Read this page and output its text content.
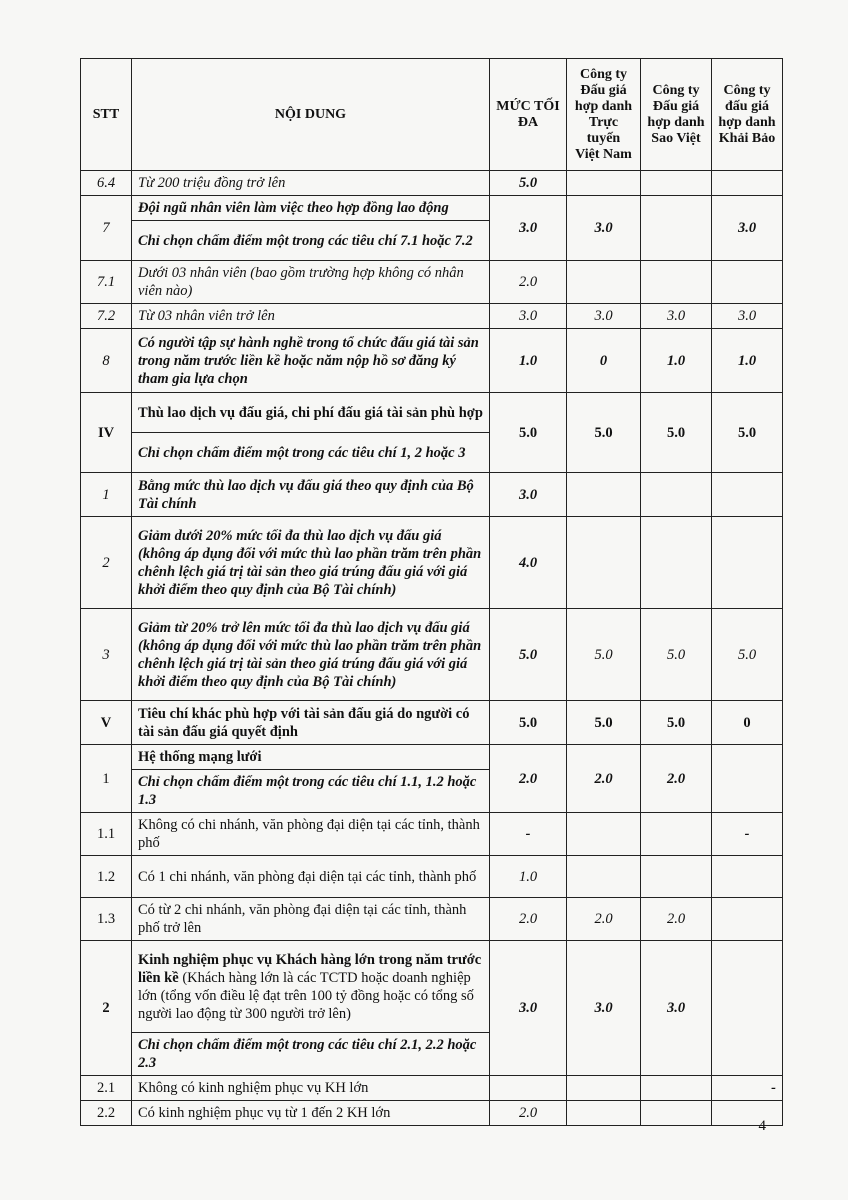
STT	NỘI DUNG	MỨC TỐI ĐA	Công ty Đấu giá hợp danh Trực tuyến Việt Nam	Công ty Đấu giá hợp danh Sao Việt	Công ty đấu giá hợp danh Khải Bảo
6.4	Từ 200 triệu đồng trở lên	5.0			
7	Đội ngũ nhân viên làm việc theo hợp đồng lao động	3.0	3.0		3.0
	Chỉ chọn chấm điểm một trong các tiêu chí 7.1 hoặc 7.2				
7.1	Dưới 03 nhân viên (bao gồm trường hợp không có nhân viên nào)	2.0			
7.2	Từ 03 nhân viên trở lên	3.0	3.0	3.0	3.0
8	Có người tập sự hành nghề trong tổ chức đấu giá tài sản trong năm trước liền kề hoặc năm nộp hồ sơ đăng ký tham gia lựa chọn	1.0	0	1.0	1.0
IV	Thù lao dịch vụ đấu giá, chi phí đấu giá tài sản phù hợp	5.0	5.0	5.0	5.0
	Chỉ chọn chấm điểm một trong các tiêu chí 1, 2 hoặc 3				
1	Bằng mức thù lao dịch vụ đấu giá theo quy định của Bộ Tài chính	3.0			
2	Giảm dưới 20% mức tối đa thù lao dịch vụ đấu giá (không áp dụng đối với mức thù lao phần trăm trên phần chênh lệch giá trị tài sản theo giá trúng đấu giá với giá khởi điểm theo quy định của Bộ Tài chính)	4.0			
3	Giảm từ 20% trở lên mức tối đa thù lao dịch vụ đấu giá (không áp dụng đối với mức thù lao phần trăm trên phần chênh lệch giá trị tài sản theo giá trúng đấu giá với giá khởi điểm theo quy định của Bộ Tài chính)	5.0	5.0	5.0	5.0
V	Tiêu chí khác phù hợp với tài sản đấu giá do người có tài sản đấu giá quyết định	5.0	5.0	5.0	0
1	Hệ thống mạng lưới	2.0	2.0	2.0	
	Chỉ chọn chấm điểm một trong các tiêu chí 1.1, 1.2 hoặc 1.3				
1.1	Không có chi nhánh, văn phòng đại diện tại các tỉnh, thành phố	-			-
1.2	Có 1 chi nhánh, văn phòng đại diện tại các tỉnh, thành phố	1.0			
1.3	Có từ 2 chi nhánh, văn phòng đại diện tại các tỉnh, thành phố trở lên	2.0	2.0	2.0	
2	Kinh nghiệm phục vụ Khách hàng lớn trong năm trước liền kề (Khách hàng lớn là các TCTD hoặc doanh nghiệp lớn (tổng vốn điều lệ đạt trên 100 tỷ đồng hoặc có tổng số người lao động từ 300 người trở lên)	3.0	3.0	3.0	
	Chỉ chọn chấm điểm một trong các tiêu chí 2.1, 2.2 hoặc 2.3				
2.1	Không có kinh nghiệm phục vụ KH lớn				-
2.2	Có kinh nghiệm phục vụ từ 1 đến 2 KH lớn	2.0			
4
